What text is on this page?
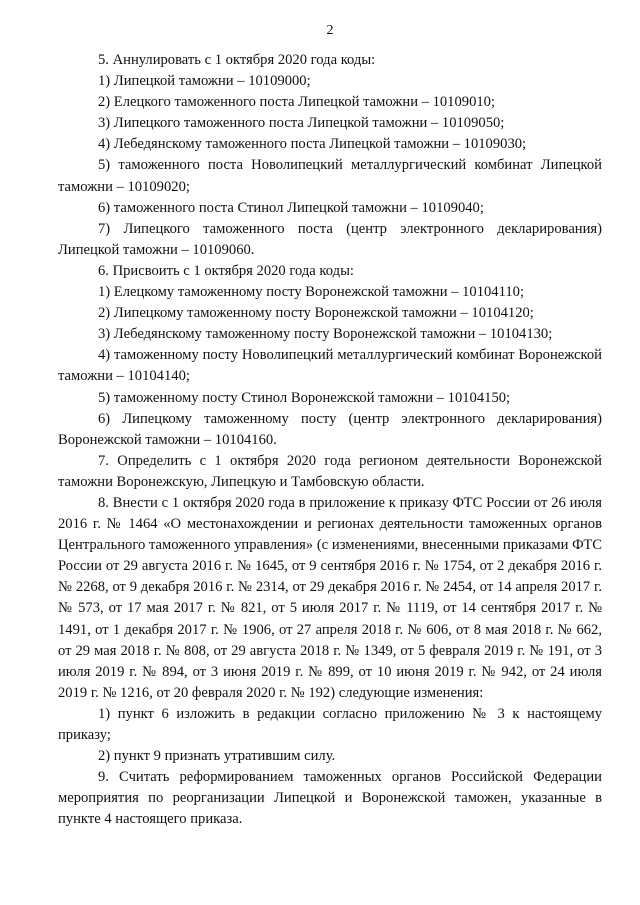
2

5. Аннулировать с 1 октября 2020 года коды:

1) Липецкой таможни – 10109000;

2) Елецкого таможенного поста Липецкой таможни – 10109010;

3) Липецкого таможенного поста Липецкой таможни – 10109050;

4) Лебедянскому таможенного поста Липецкой таможни – 10109030;

5) таможенного поста Новолипецкий металлургический комбинат Липецкой таможни – 10109020;

6) таможенного поста Стинол Липецкой таможни – 10109040;

7) Липецкого таможенного поста (центр электронного декларирования) Липецкой таможни – 10109060.

6. Присвоить с 1 октября 2020 года коды:

1) Елецкому таможенному посту Воронежской таможни – 10104110;

2) Липецкому таможенному посту Воронежской таможни – 10104120;

3) Лебедянскому таможенному посту Воронежской таможни – 10104130;

4) таможенному посту Новолипецкий металлургический комбинат Воронежской таможни – 10104140;

5) таможенному посту Стинол Воронежской таможни – 10104150;

6) Липецкому таможенному посту (центр электронного декларирования) Воронежской таможни – 10104160.

7. Определить с 1 октября 2020 года регионом деятельности Воронежской таможни Воронежскую, Липецкую и Тамбовскую области.

8. Внести с 1 октября 2020 года в приложение к приказу ФТС России от 26 июля 2016 г. № 1464 «О местонахождении и регионах деятельности таможенных органов Центрального таможенного управления» (с изменениями, внесенными приказами ФТС России от 29 августа 2016 г. № 1645, от 9 сентября 2016 г. № 1754, от 2 декабря 2016 г. № 2268, от 9 декабря 2016 г. № 2314, от 29 декабря 2016 г. № 2454, от 14 апреля 2017 г. № 573, от 17 мая 2017 г. № 821, от 5 июля 2017 г. № 1119, от 14 сентября 2017 г. № 1491, от 1 декабря 2017 г. № 1906, от 27 апреля 2018 г. № 606, от 8 мая 2018 г. № 662, от 29 мая 2018 г. № 808, от 29 августа 2018 г. № 1349, от 5 февраля 2019 г. № 191, от 3 июля 2019 г. № 894, от 3 июня 2019 г. № 899, от 10 июня 2019 г. № 942, от 24 июля 2019 г. № 1216, от 20 февраля 2020 г. № 192) следующие изменения:

1) пункт 6 изложить в редакции согласно приложению № 3 к настоящему приказу;

2) пункт 9 признать утратившим силу.

9. Считать реформированием таможенных органов Российской Федерации мероприятия по реорганизации Липецкой и Воронежской таможен, указанные в пункте 4 настоящего приказа.
